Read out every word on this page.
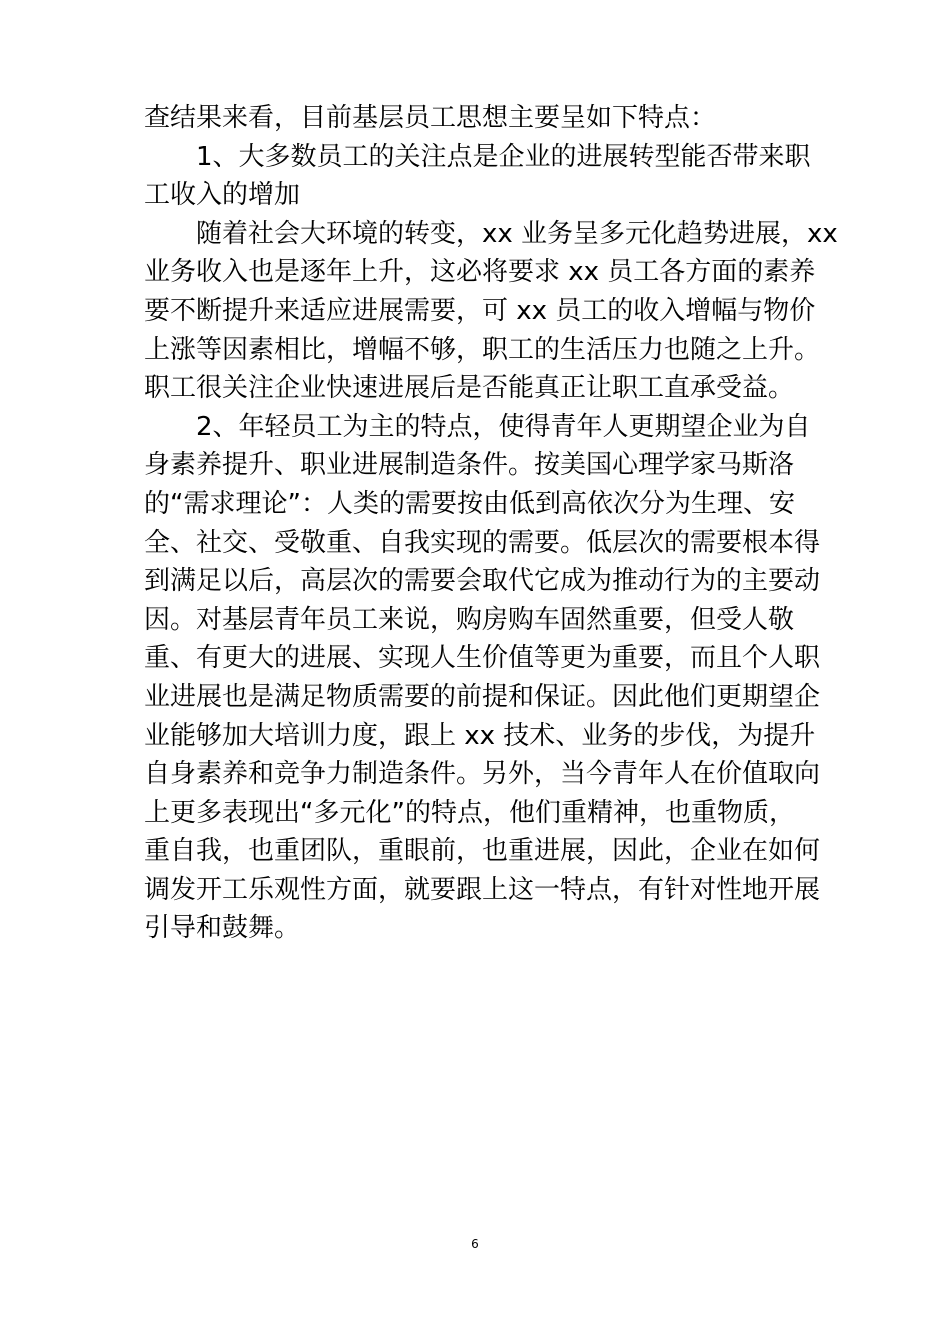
查结果来看，目前基层员工思想主要呈如下特点：
1、大多数员工的关注点是企业的进展转型能否带来职
工收入的增加
随着社会大环境的转变，xx 业务呈多元化趋势进展，xx
业务收入也是逐年上升，这必将要求 xx 员工各方面的素养
要不断提升来适应进展需要，可 xx 员工的收入增幅与物价
上涨等因素相比，增幅不够，职工的生活压力也随之上升。
职工很关注企业快速进展后是否能真正让职工直承受益。
2、年轻员工为主的特点，使得青年人更期望企业为自
身素养提升、职业进展制造条件。按美国心理学家马斯洛
的“需求理论”：人类的需要按由低到高依次分为生理、安
全、社交、受敬重、自我实现的需要。低层次的需要根本得
到满足以后，高层次的需要会取代它成为推动行为的主要动
因。对基层青年员工来说，购房购车固然重要，但受人敬
重、有更大的进展、实现人生价值等更为重要，而且个人职
业进展也是满足物质需要的前提和保证。因此他们更期望企
业能够加大培训力度，跟上 xx 技术、业务的步伐，为提升
自身素养和竞争力制造条件。另外，当今青年人在价值取向
上更多表现出“多元化”的特点，他们重精神，也重物质，
重自我，也重团队，重眼前，也重进展，因此，企业在如何
调发开工乐观性方面，就要跟上这一特点，有针对性地开展
引导和鼓舞。
6
